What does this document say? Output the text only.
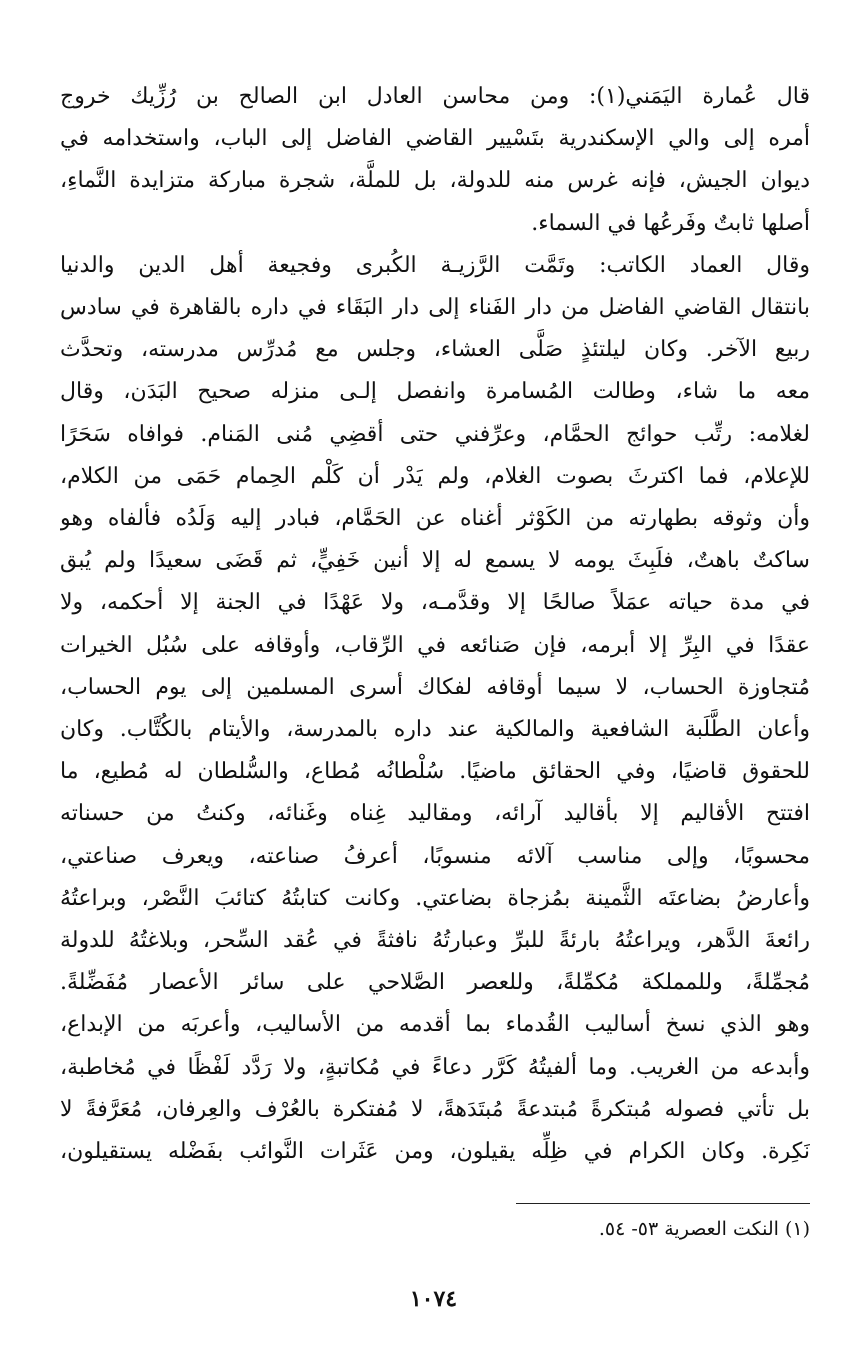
قال عُمارة اليَمَني(١): ومن محاسن العادل ابن الصالح بن رُزِّيك خروج
أمره إلى والي الإسكندرية بتَسْيير القاضي الفاضل إلى الباب، واستخدامه في
ديوان الجيش، فإنه غرس منه للدولة، بل للملَّة، شجرة مباركة متزايدة النَّماءِ،
أصلها ثابتٌ وفَرعُها في السماء.
وقال العماد الكاتب: وتَمَّت الرَّزيـة الكُبرى وفجيعة أهل الدين والدنيا
بانتقال القاضي الفاضل من دار الفَناء إلى دار البَقَاء في داره بالقاهرة في سادس
ربيع الآخر. وكان ليلتئذٍ صَلَّى العشاء، وجلس مع مُدرِّس مدرسته، وتحدَّث
معه ما شاء، وطالت المُسامرة وانفصل إلـى منزله صحيح البَدَن، وقال
لغلامه: رتِّب حوائج الحمَّام، وعرِّفني حتى أقضِي مُنى المَنام. فوافاه سَحَرًا
للإعلام، فما اكترثَ بصوت الغلام، ولم يَدْر أن كَلْم الحِمام حَمَى من الكلام،
وأن وثوقه بطهارته من الكَوْثر أغناه عن الحَمَّام، فبادر إليه وَلَدُه فألفاه وهو
ساكتٌ باهتٌ، فلَبِثَ يومه لا يسمع له إلا أنين خَفِيٍّ، ثم قَضَى سعيدًا ولم يُبق
في مدة حياته عمَلاً صالحًا إلا وقدَّمـه، ولا عَهْدًا في الجنة إلا أحكمه، ولا
عقدًا في البِرِّ إلا أبرمه، فإن صَنائعه في الرِّقاب، وأوقافه على سُبُل الخيرات
مُتجاوزة الحساب، لا سيما أوقافه لفكاك أسرى المسلمين إلى يوم الحساب،
وأعان الطَّلَبة الشافعية والمالكية عند داره بالمدرسة، والأيتام بالكُتَّاب. وكان
للحقوق قاضيًا، وفي الحقائق ماضيًا. سُلْطانُه مُطاع، والسُّلطان له مُطيع، ما
افتتح الأقاليم إلا بأقاليد آرائه، ومقاليد غِناه وغَنائه، وكنتُ من حسناته
محسوبًا، وإلى مناسب آلائه منسوبًا، أعرفُ صناعته، ويعرف صناعتي،
وأعارضُ بضاعتَه الثَّمينة بمُزجاة بضاعتي. وكانت كتابتُهُ كتائبَ النَّصْر، وبراعتُهُ
رائعةَ الدَّهر، ويراعتُهُ بارئةً للبرِّ وعبارتُهُ نافثةً في عُقد السِّحر، وبلاغتُهُ للدولة
مُجمِّلةً، وللمملكة مُكمِّلةً، وللعصر الصَّلاحي على سائر الأعصار مُفَضِّلةً.
وهو الذي نسخ أساليب القُدماء بما أقدمه من الأساليب، وأعربَه من الإبداع،
وأبدعه من الغريب. وما ألفيتُهُ كَرَّر دعاءً في مُكاتبةٍ، ولا رَدَّد لَفْظًا في مُخاطبة،
بل تأتي فصوله مُبتكرةً مُبتدعةً مُبتَدَهةً، لا مُفتكرة بالعُرْف والعِرفان، مُعَرَّفةً لا
نَكِرة. وكان الكرام في ظِلِّه يقيلون، ومن عَثَرات النَّوائب بفَضْله يستقيلون،
(١) النكت العصرية ٥٣- ٥٤.
١٠٧٤
